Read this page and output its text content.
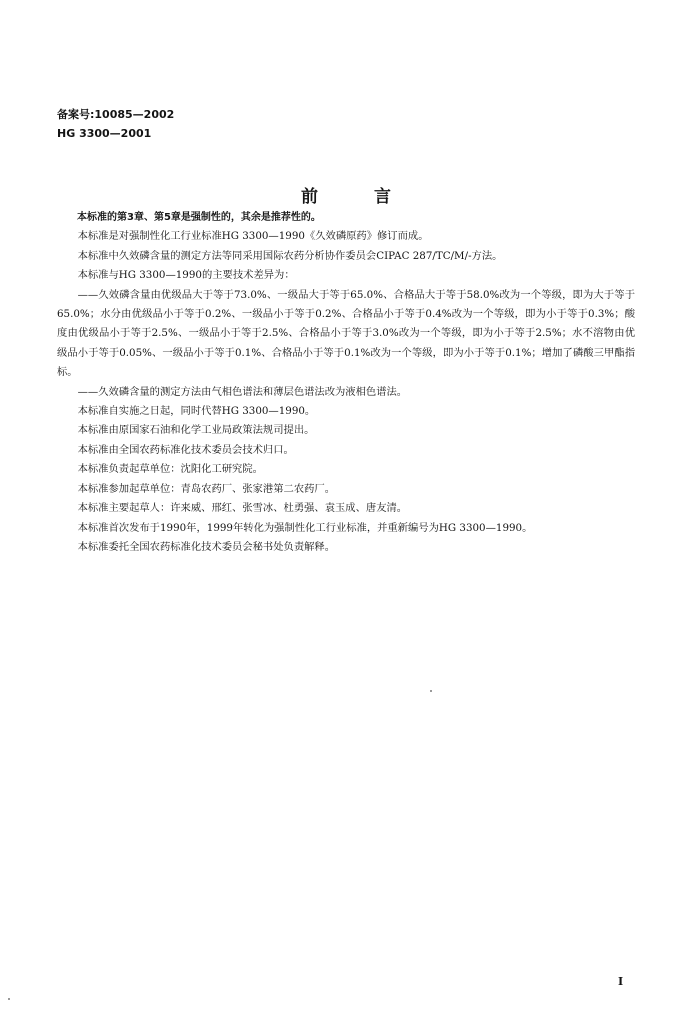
备案号:10085—2002
HG 3300—2001
前	言

本标准的第3章、第5章是强制性的，其余是推荐性的。

本标准是对强制性化工行业标准HG 3300—1990《久效磷原药》修订而成。

本标准中久效磷含量的测定方法等同采用国际农药分析协作委员会CIPAC 287/TC/M/-方法。

本标准与HG 3300—1990的主要技术差异为：

——久效磷含量由优级品大于等于73.0%、一级品大于等于65.0%、合格品大于等于58.0%改为一个等级，即为大于等于65.0%；水分由优级品小于等于0.2%、一级品小于等于0.2%、合格品小于等于0.4%改为一个等级，即为小于等于0.3%；酸度由优级品小于等于2.5%、一级品小于等于2.5%、合格品小于等于3.0%改为一个等级，即为小于等于2.5%；水不溶物由优级品小于等于0.05%、一级品小于等于0.1%、合格品小于等于0.1%改为一个等级，即为小于等于0.1%；增加了磷酸三甲酯指标。

——久效磷含量的测定方法由气相色谱法和薄层色谱法改为液相色谱法。

本标准自实施之日起，同时代替HG 3300—1990。

本标准由原国家石油和化学工业局政策法规司提出。

本标准由全国农药标准化技术委员会技术归口。

本标准负责起草单位：沈阳化工研究院。

本标准参加起草单位：青岛农药厂、张家港第二农药厂。

本标准主要起草人：许来威、邢红、张雪冰、杜勇强、袁玉成、唐友清。

本标准首次发布于1990年，1999年转化为强制性化工行业标准，并重新编号为HG 3300—1990。

本标准委托全国农药标准化技术委员会秘书处负责解释。

I
